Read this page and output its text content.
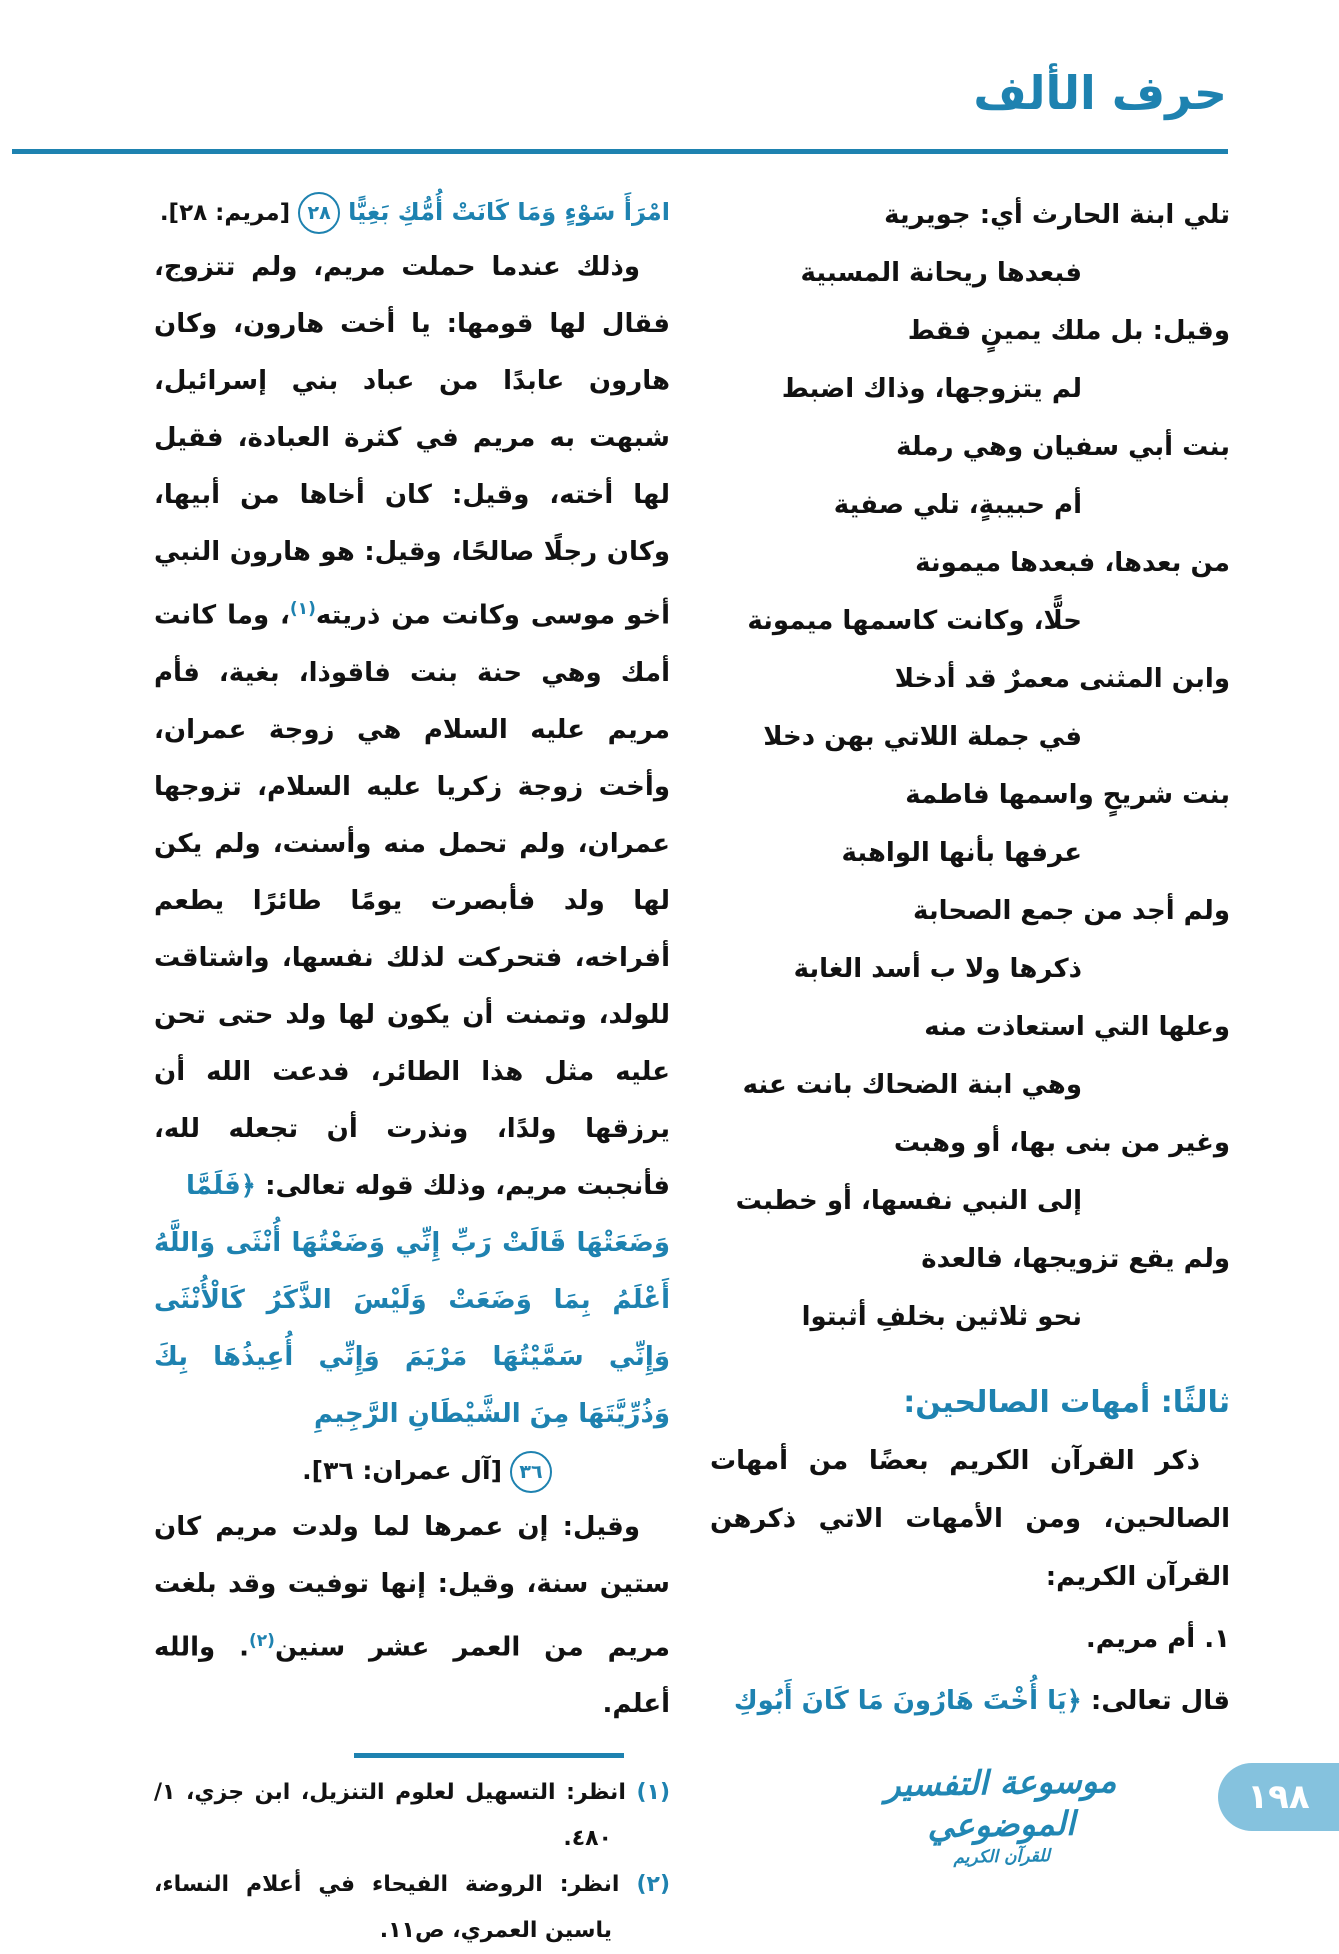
حرف الألف
تلي ابنة الحارث أي: جويرية
فبعدها ريحانة المسبية
وقيل: بل ملك يمينٍ فقط
لم يتزوجها، وذاك اضبط
بنت أبي سفيان وهي رملة
أم حبيبةٍ، تلي صفية
من بعدها، فبعدها ميمونة
حلًّا، وكانت كاسمها ميمونة
وابن المثنى معمرٌ قد أدخلا
في جملة اللاتي بهن دخلا
بنت شريحٍ واسمها فاطمة
عرفها بأنها الواهبة
ولم أجد من جمع الصحابة
ذكرها ولا ب أسد الغابة
وعلها التي استعاذت منه
وهي ابنة الضحاك بانت عنه
وغير من بنى بها، أو وهبت
إلى النبي نفسها، أو خطبت
ولم يقع تزويجها، فالعدة
نحو ثلاثين بخلفِ أثبتوا
ثالثًا: أمهات الصالحين:
ذكر القرآن الكريم بعضًا من أمهات الصالحين، ومن الأمهات الاتي ذكرهن القرآن الكريم:
١. أم مريم.
قال تعالى: ﴿يَا أُخْتَ هَارُونَ مَا كَانَ أَبُوكِ
امْرَأَ سَوْءٍ وَمَا كَانَتْ أُمُّكِ بَغِيًّا٢٨[مريم: ٢٨].

وذلك عندما حملت مريم، ولم تتزوج، فقال لها قومها: يا أخت هارون، وكان هارون عابدًا من عباد بني إسرائيل، شبهت به مريم في كثرة العبادة، فقيل لها أخته، وقيل: كان أخاها من أبيها، وكان رجلًا صالحًا، وقيل: هو هارون النبي أخو موسى وكانت من ذريته$^{(١)}$، وما كانت أمك وهي حنة بنت فاقوذا، بغية، فأم مريم عليه السلام هي زوجة عمران، وأخت زوجة زكريا عليه السلام، تزوجها عمران، ولم تحمل منه وأسنت، ولم يكن لها ولد فأبصرت يومًا طائرًا يطعم أفراخه، فتحركت لذلك نفسها، واشتاقت للولد، وتمنت أن يكون لها ولد حتى تحن عليه مثل هذا الطائر، فدعت الله أن يرزقها ولدًا، ونذرت أن تجعله لله، فأنجبت مريم، وذلك قوله تعالى: ﴿فَلَمَّا

وَضَعَتْهَا قَالَتْ رَبِّ إِنِّي وَضَعْتُهَا أُنْثَى وَاللَّهُ أَعْلَمُ بِمَا وَضَعَتْ وَلَيْسَ الذَّكَرُ كَالْأُنْثَى وَإِنِّي سَمَّيْتُهَا مَرْيَمَ وَإِنِّي أُعِيذُهَا بِكَ وَذُرِّيَّتَهَا مِنَ الشَّيْطَانِ الرَّجِيمِ

٣٦[آل عمران: ٣٦].

وقيل: إن عمرها لما ولدت مريم كان ستين سنة، وقيل: إنها توفيت وقد بلغت مريم من العمر عشر سنين$^{(٢)}$. والله أعلم.

(١) انظر: التسهيل لعلوم التنزيل، ابن جزي، ١/ ٤٨٠.

(٢) انظر: الروضة الفيحاء في أعلام النساء، ياسين العمري، ص١١.

موسوعة التفسير الموضوعي
للقرآن الكريم
١٩٨
